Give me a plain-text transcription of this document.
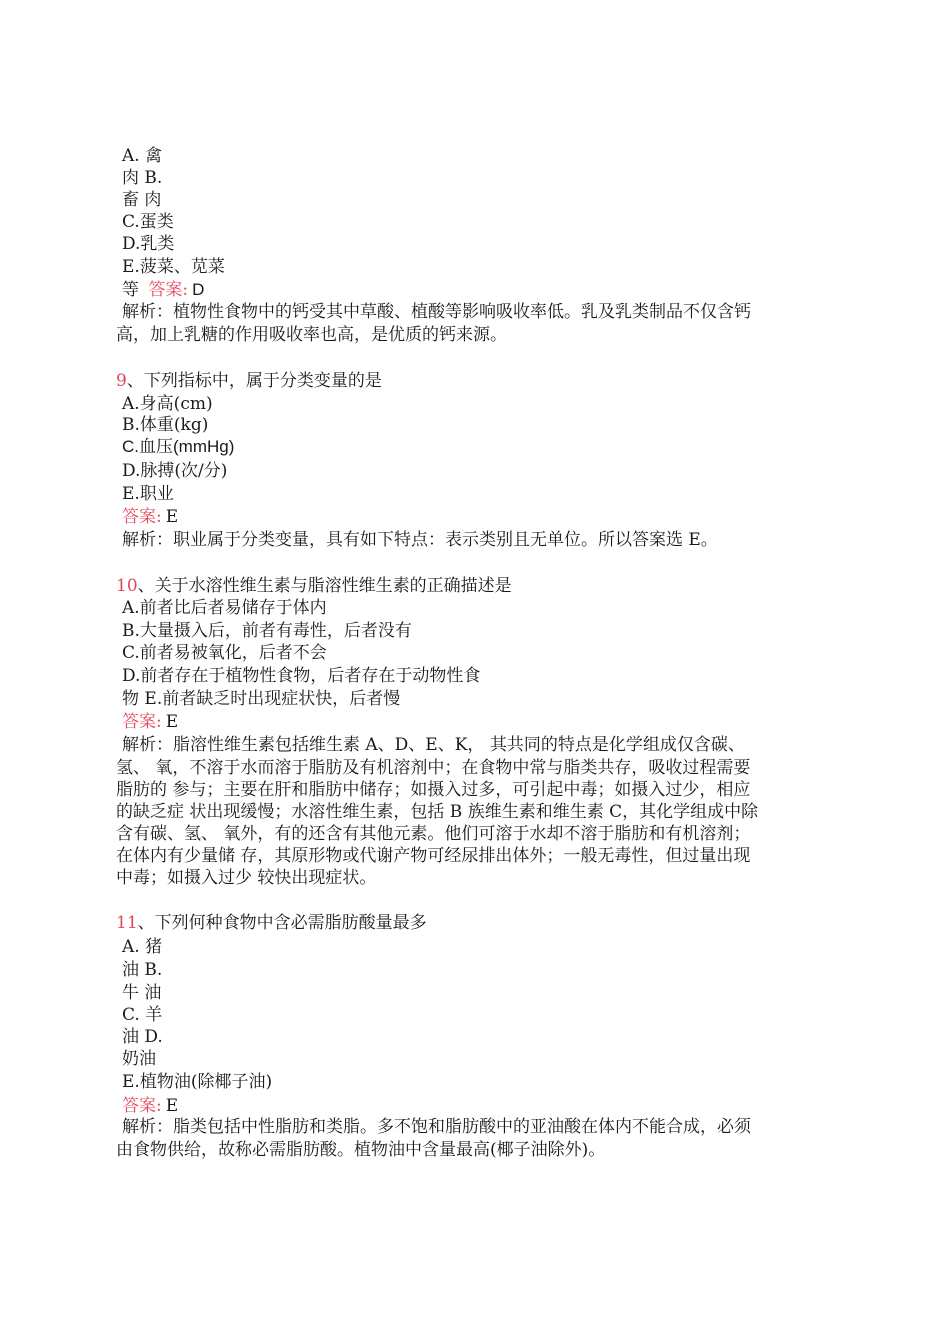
A. 禽
肉 B.
畜 肉
C.蛋类
D.乳类
E.菠菜、苋菜
等 答案: D
解析：植物性食物中的钙受其中草酸、植酸等影响吸收率低。乳及乳类制品不仅含钙
高，加上乳糖的作用吸收率也高，是优质的钙来源。
9、下列指标中，属于分类变量的是
A.身高(cm)
B.体重(kg)
C.血压(mmHg)
D.脉搏(次/分)
E.职业
答案: E
解析：职业属于分类变量，具有如下特点：表示类别且无单位。所以答案选 E。
10、关于水溶性维生素与脂溶性维生素的正确描述是
A.前者比后者易储存于体内
B.大量摄入后，前者有毒性，后者没有
C.前者易被氧化，后者不会
D.前者存在于植物性食物，后者存在于动物性食
物 E.前者缺乏时出现症状快，后者慢
答案: E
解析：脂溶性维生素包括维生素 A、D、E、K， 其共同的特点是化学组成仅含碳、
氢、 氧，不溶于水而溶于脂肪及有机溶剂中；在食物中常与脂类共存，吸收过程需要
脂肪的 参与；主要在肝和脂肪中储存；如摄入过多，可引起中毒；如摄入过少，相应
的缺乏症 状出现缓慢；水溶性维生素，包括 B 族维生素和维生素 C，其化学组成中除
含有碳、氢、 氧外，有的还含有其他元素。他们可溶于水却不溶于脂肪和有机溶剂；
在体内有少量储 存，其原形物或代谢产物可经尿排出体外；一般无毒性，但过量出现
中毒；如摄入过少 较快出现症状。
11、下列何种食物中含必需脂肪酸量最多
A. 猪
油 B.
牛 油
C. 羊
油 D.
奶油
E.植物油(除椰子油)
答案: E
解析：脂类包括中性脂肪和类脂。多不饱和脂肪酸中的亚油酸在体内不能合成，必须
由食物供给，故称必需脂肪酸。植物油中含量最高(椰子油除外)。
